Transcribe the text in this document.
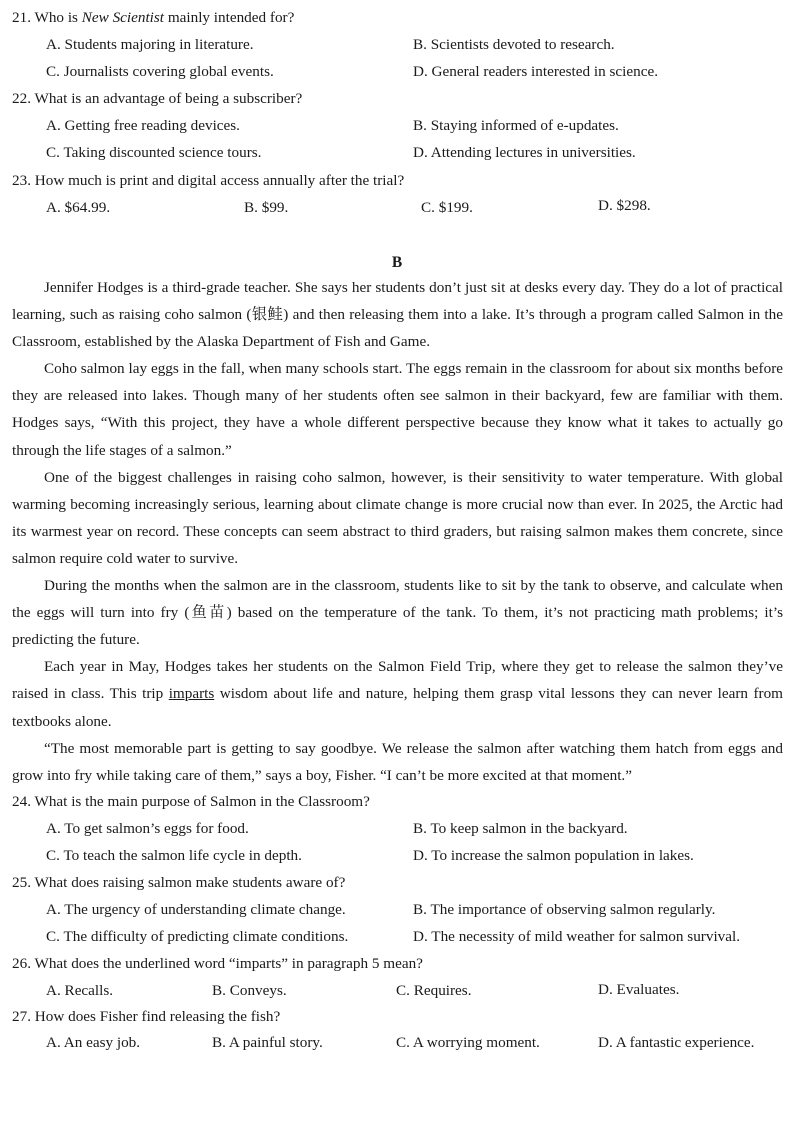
21. Who is New Scientist mainly intended for?
A. Students majoring in literature.	B. Scientists devoted to research.
C. Journalists covering global events.	D. General readers interested in science.
22. What is an advantage of being a subscriber?
A. Getting free reading devices.	B. Staying informed of e-updates.
C. Taking discounted science tours.	D. Attending lectures in universities.
23. How much is print and digital access annually after the trial?
A. $64.99.	B. $99.	C. $199.	D. $298.
B

Jennifer Hodges is a third-grade teacher. She says her students don’t just sit at desks every day. They do a lot of practical learning, such as raising coho salmon (银鲑) and then releasing them into a lake. It’s through a program called Salmon in the Classroom, established by the Alaska Department of Fish and Game.

Coho salmon lay eggs in the fall, when many schools start. The eggs remain in the classroom for about six months before they are released into lakes. Though many of her students often see salmon in their backyard, few are familiar with them. Hodges says, “With this project, they have a whole different perspective because they know what it takes to actually go through the life stages of a salmon.”

One of the biggest challenges in raising coho salmon, however, is their sensitivity to water temperature. With global warming becoming increasingly serious, learning about climate change is more crucial now than ever. In 2025, the Arctic had its warmest year on record. These concepts can seem abstract to third graders, but raising salmon makes them concrete, since salmon require cold water to survive.

During the months when the salmon are in the classroom, students like to sit by the tank to observe, and calculate when the eggs will turn into fry (鱼苗) based on the temperature of the tank. To them, it’s not practicing math problems; it’s predicting the future.

Each year in May, Hodges takes her students on the Salmon Field Trip, where they get to release the salmon they’ve raised in class. This trip imparts wisdom about life and nature, helping them grasp vital lessons they can never learn from textbooks alone.

“The most memorable part is getting to say goodbye. We release the salmon after watching them hatch from eggs and grow into fry while taking care of them,” says a boy, Fisher. “I can’t be more excited at that moment.”

24. What is the main purpose of Salmon in the Classroom?
A. To get salmon’s eggs for food.	B. To keep salmon in the backyard.
C. To teach the salmon life cycle in depth.	D. To increase the salmon population in lakes.
25. What does raising salmon make students aware of?
A. The urgency of understanding climate change.	B. The importance of observing salmon regularly.
C. The difficulty of predicting climate conditions.	D. The necessity of mild weather for salmon survival.
26. What does the underlined word “imparts” in paragraph 5 mean?
A. Recalls.	B. Conveys.	C. Requires.	D. Evaluates.
27. How does Fisher find releasing the fish?
A. An easy job.	B. A painful story.	C. A worrying moment.	D. A fantastic experience.
